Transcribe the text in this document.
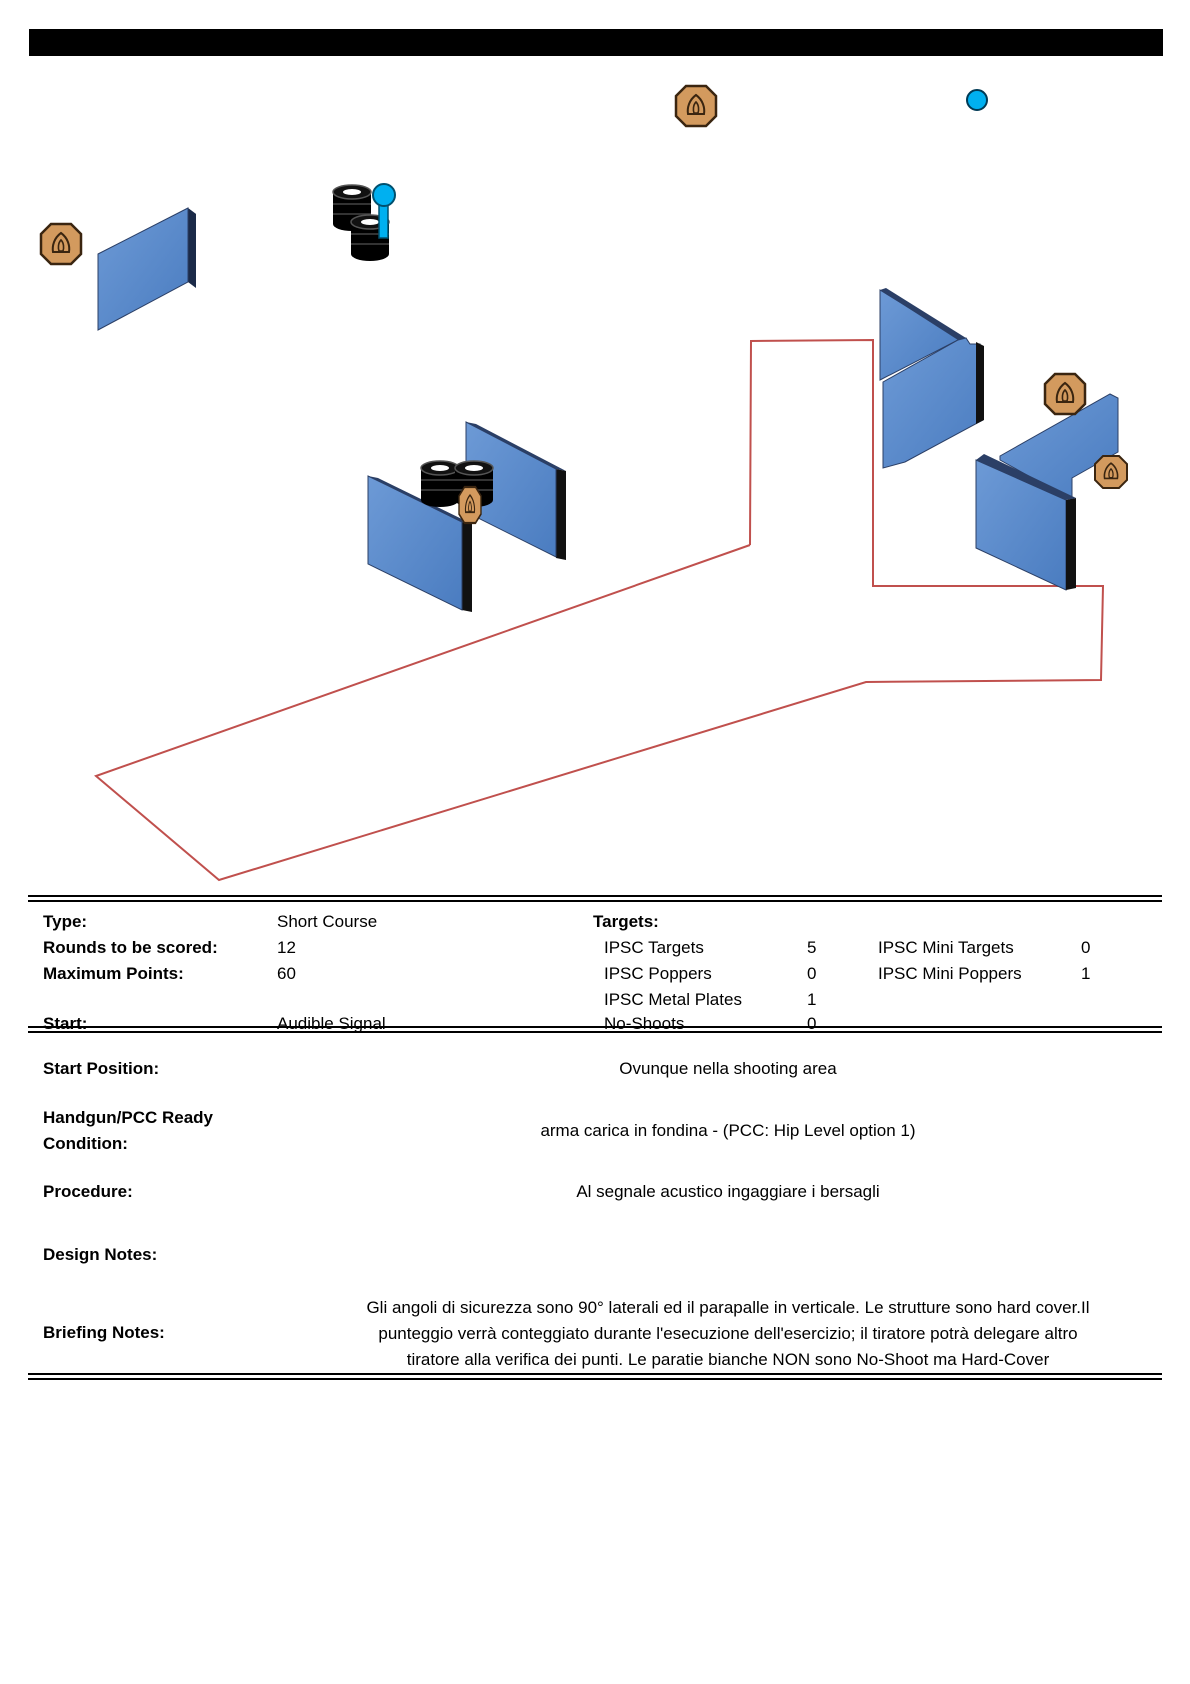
Type:	Short Course	Targets:
Rounds to be scored:	12	IPSC Targets	5	IPSC Mini Targets	0
Maximum Points:	60	IPSC Poppers	0	IPSC Mini Poppers	1
IPSC Metal Plates	1
Start:	Audible Signal	No-Shoots	0
Start Position:	Ovunque nella shooting area
Handgun/PCC Ready
Condition:
arma carica in fondina - (PCC: Hip Level option 1)
Procedure:	Al segnale acustico ingaggiare i bersagli
Design Notes:
Briefing Notes:
Gli angoli di sicurezza sono 90° laterali ed il parapalle in verticale. Le strutture sono hard cover.Il
punteggio verrà conteggiato durante l'esecuzione dell'esercizio; il tiratore potrà delegare altro
tiratore alla verifica dei punti. Le paratie bianche NON sono No-Shoot ma Hard-Cover
